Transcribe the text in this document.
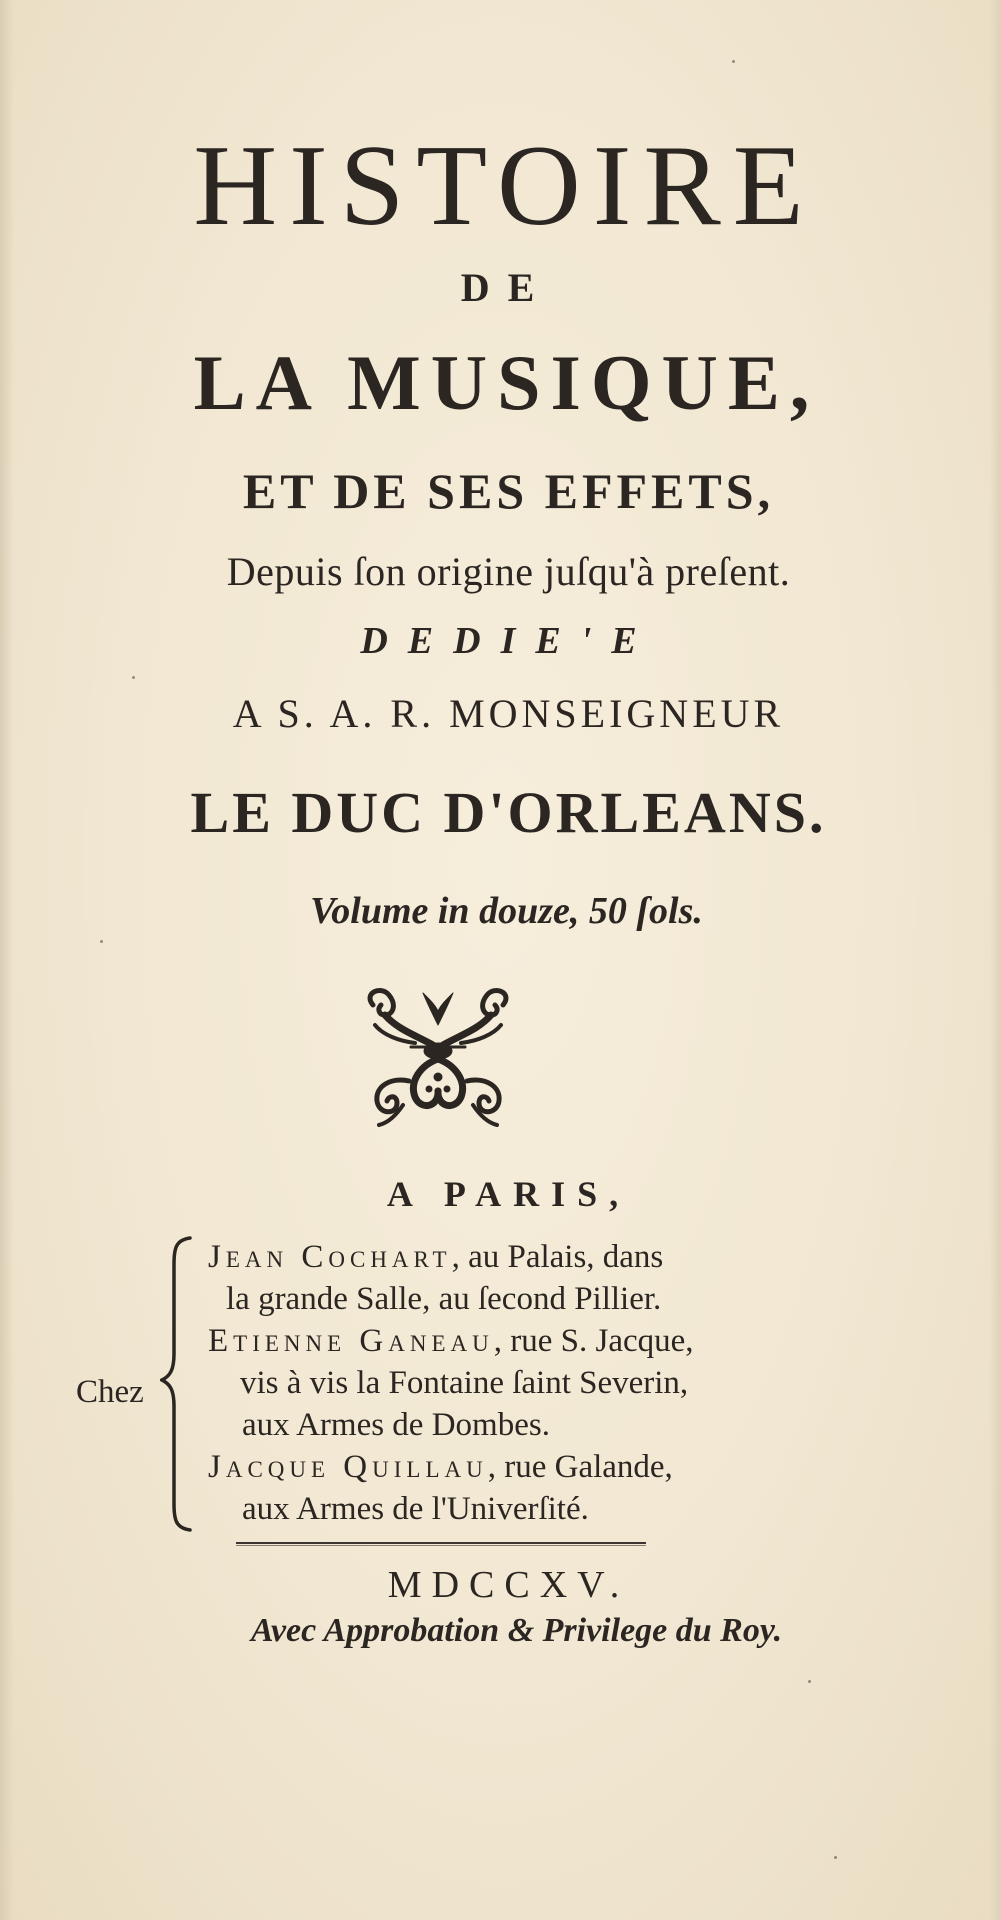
HISTOIRE
DE
LA MUSIQUE,
ET DE SES EFFETS,
Depuis ſon origine juſqu'à preſent.
DEDIE'E
A S. A. R. MONSEIGNEUR
LE DUC D'ORLEANS.
Volume in douze, 50 ſols.
A PARIS,
Chez
Jean Cochart, au Palais, dans
la grande Salle, au ſecond Pillier.
Etienne Ganeau, rue S. Jacque,
vis à vis la Fontaine ſaint Severin,
aux Armes de Dombes.
Jacque Quillau, rue Galande,
aux Armes de l'Univerſité.
MDCCXV.
Avec Approbation & Privilege du Roy.
